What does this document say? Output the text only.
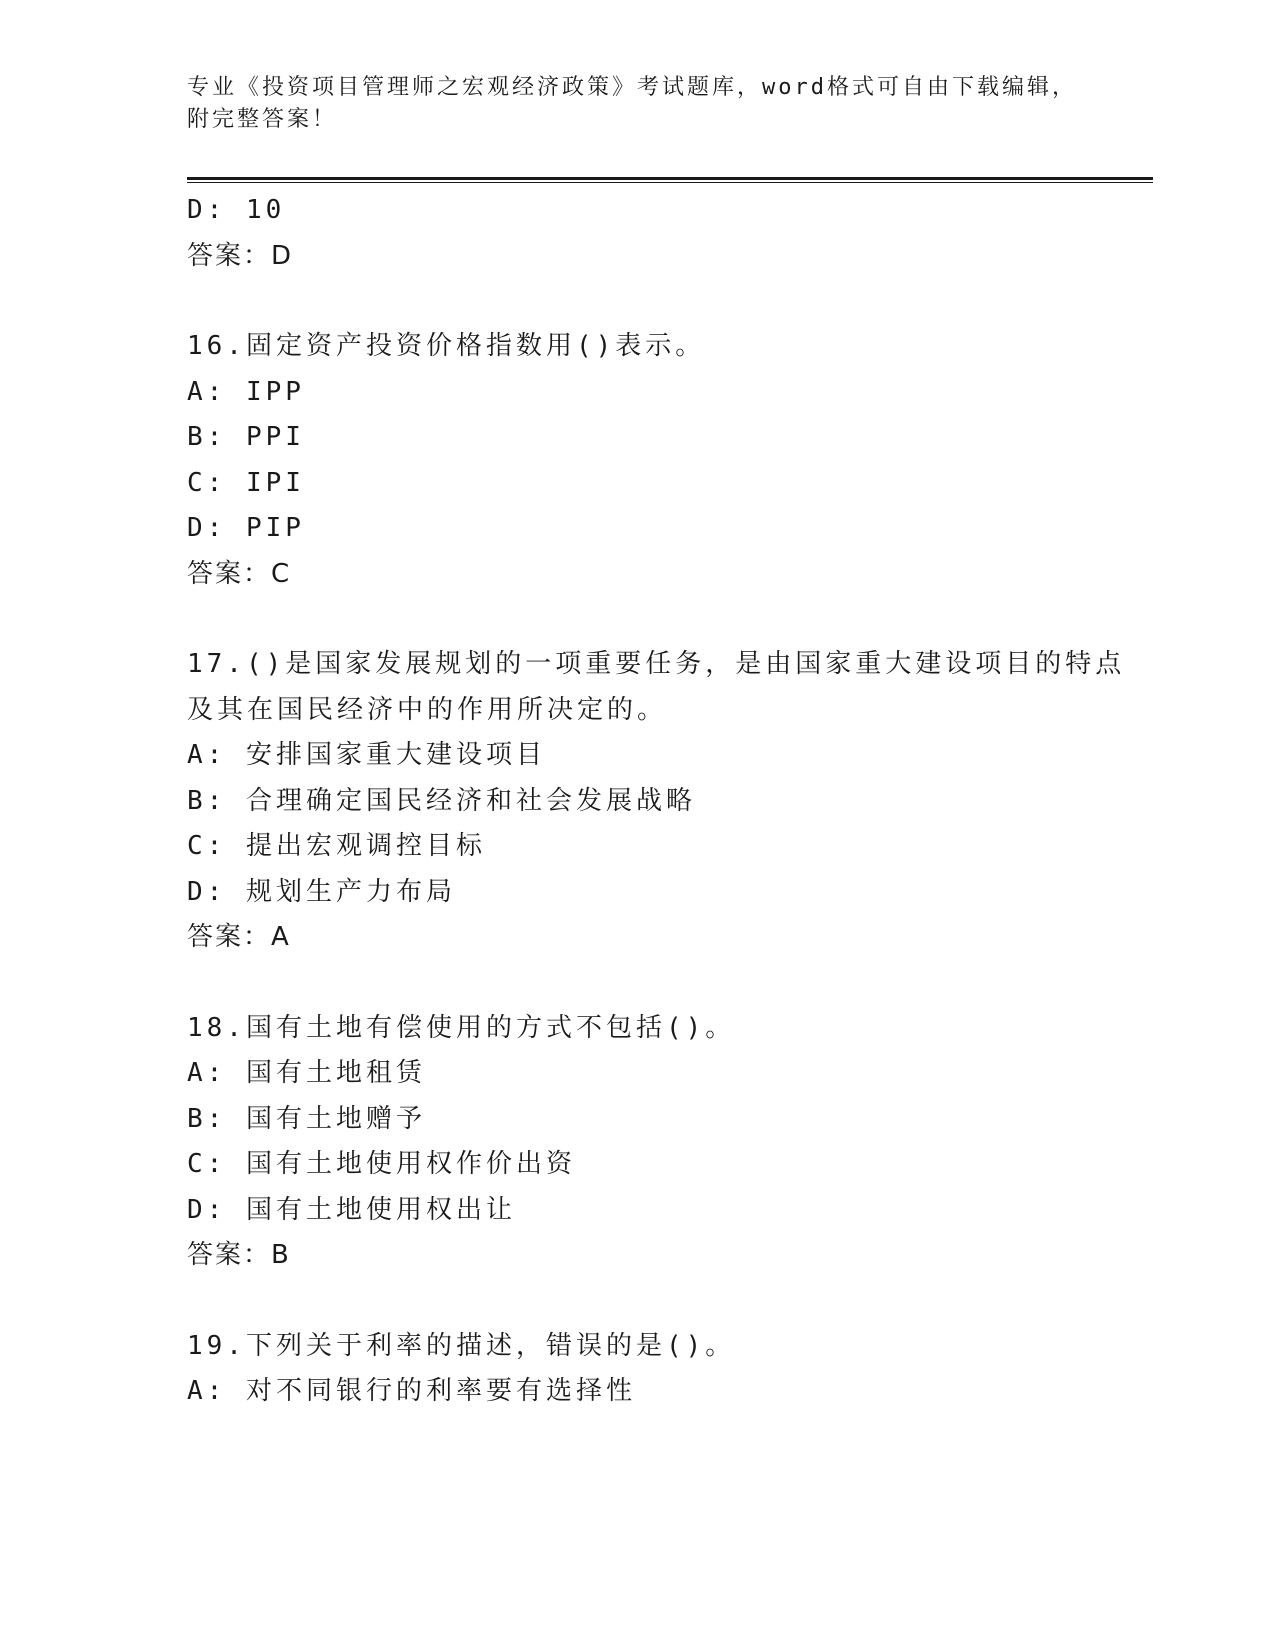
专业《投资项目管理师之宏观经济政策》考试题库，word格式可自由下载编辑，
附完整答案！
D: 10
答案：D
16.固定资产投资价格指数用()表示。
A: IPP
B: PPI
C: IPI
D: PIP
答案：C
17.()是国家发展规划的一项重要任务，是由国家重大建设项目的特点
及其在国民经济中的作用所决定的。
A: 安排国家重大建设项目
B: 合理确定国民经济和社会发展战略
C: 提出宏观调控目标
D: 规划生产力布局
答案：A
18.国有土地有偿使用的方式不包括()。
A: 国有土地租赁
B: 国有土地赠予
C: 国有土地使用权作价出资
D: 国有土地使用权出让
答案：B
19.下列关于利率的描述，错误的是()。
A: 对不同银行的利率要有选择性
